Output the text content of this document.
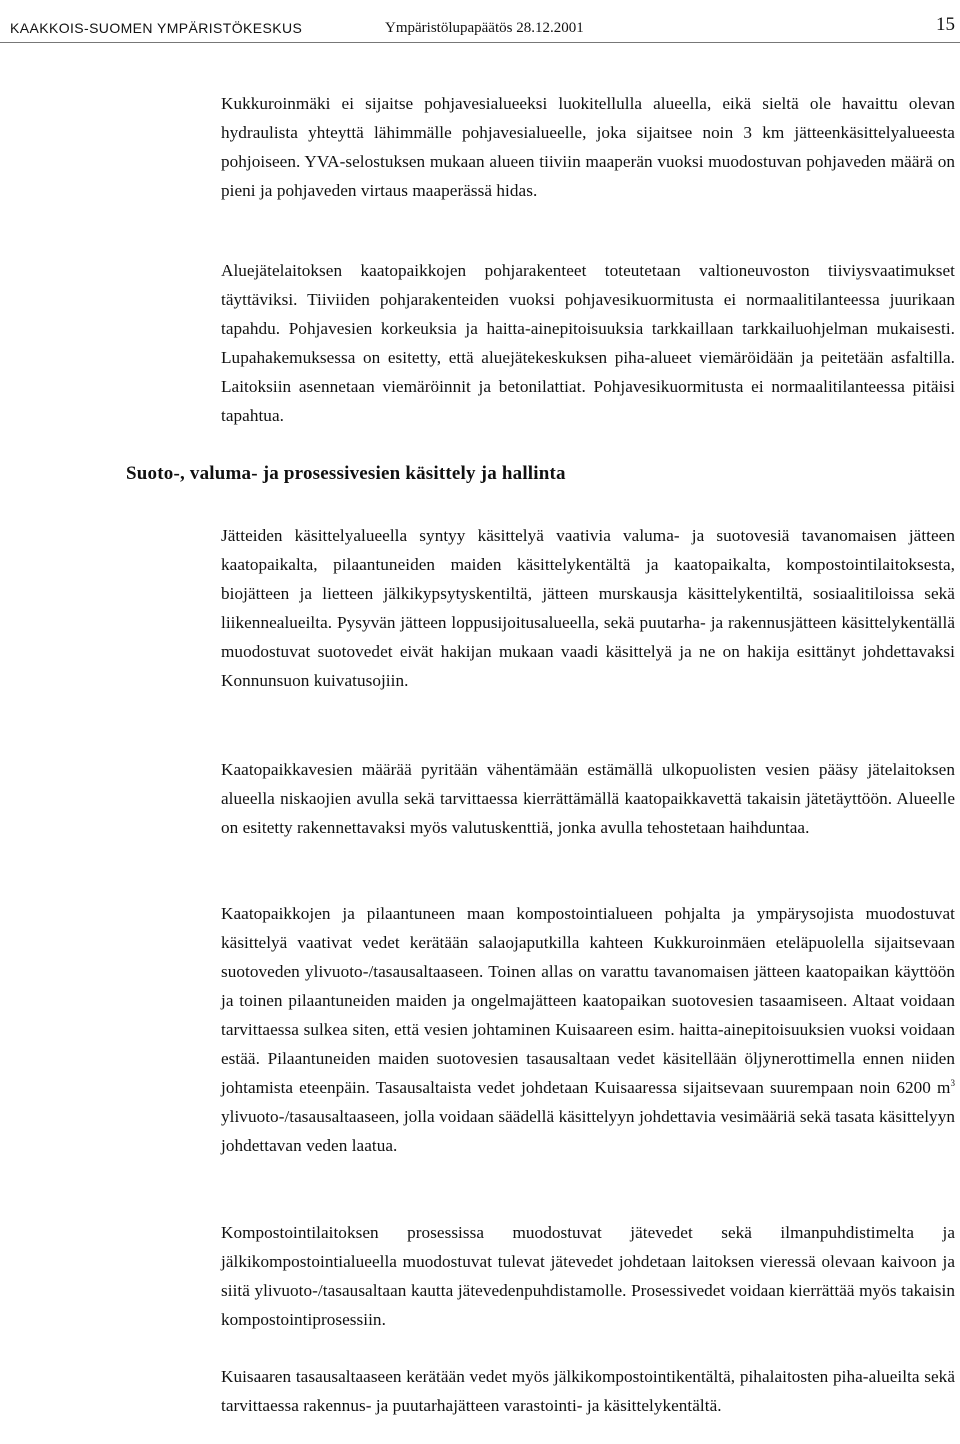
KAAKKOIS-SUOMEN YMPÄRISTÖKESKUS	Ympäristölupapäätös 28.12.2001	15

Kukkuroinmäki ei sijaitse pohjavesialueeksi luokitellulla alueella, eikä sieltä ole havaittu olevan hydraulista yhteyttä lähimmälle pohjavesialueelle, joka sijaitsee noin 3 km jätteenkäsittelyalueesta pohjoiseen. YVA-selostuksen mukaan alueen tiiviin maaperän vuoksi muodostuvan pohjaveden määrä on pieni ja pohjaveden virtaus maaperässä hidas.

Aluejätelaitoksen kaatopaikkojen pohjarakenteet toteutetaan valtioneuvoston tiiviysvaatimukset täyttäviksi. Tiiviiden pohjarakenteiden vuoksi pohjavesikuormitusta ei normaalitilanteessa juurikaan tapahdu. Pohjavesien korkeuksia ja haitta-ainepitoisuuksia tarkkaillaan tarkkailuohjelman mukaisesti. Lupahakemuksessa on esitetty, että aluejätekeskuksen piha-alueet viemäröidään ja peitetään asfaltilla. Laitoksiin asennetaan viemäröinnit ja betonilattiat. Pohjavesikuormitusta ei normaalitilanteessa pitäisi tapahtua.

Suoto-, valuma- ja prosessivesien käsittely ja hallinta

Jätteiden käsittelyalueella syntyy käsittelyä vaativia valuma- ja suotovesiä tavanomaisen jätteen kaatopaikalta, pilaantuneiden maiden käsittelykentältä ja kaatopaikalta, kompostointilaitoksesta, biojätteen ja lietteen jälkikypsytyskentiltä, jätteen murskausja käsittelykentiltä, sosiaalitiloissa sekä liikennealueilta. Pysyvän jätteen loppusijoitusalueella, sekä puutarha- ja rakennusjätteen käsittelykentällä muodostuvat suotovedet eivät hakijan mukaan vaadi käsittelyä ja ne on hakija esittänyt johdettavaksi Konnunsuon kuivatusojiin.

Kaatopaikkavesien määrää pyritään vähentämään estämällä ulkopuolisten vesien pääsy jätelaitoksen alueella niskaojien avulla sekä tarvittaessa kierrättämällä kaatopaikkavettä takaisin jätetäyttöön. Alueelle on esitetty rakennettavaksi myös valutuskenttiä, jonka avulla tehostetaan haihduntaa.

Kaatopaikkojen ja pilaantuneen maan kompostointialueen pohjalta ja ympärysojista muodostuvat käsittelyä vaativat vedet kerätään salaojaputkilla kahteen Kukkuroinmäen eteläpuolella sijaitsevaan suotoveden ylivuoto-/tasausaltaaseen. Toinen allas on varattu tavanomaisen jätteen kaatopaikan käyttöön ja toinen pilaantuneiden maiden ja ongelmajätteen kaatopaikan suotovesien tasaamiseen. Altaat voidaan tarvittaessa sulkea siten, että vesien johtaminen Kuisaareen esim. haitta-ainepitoisuuksien vuoksi voidaan estää. Pilaantuneiden maiden suotovesien tasausaltaan vedet käsitellään öljynerottimella ennen niiden johtamista eteenpäin. Tasausaltaista vedet johdetaan Kuisaaressa sijaitsevaan suurempaan noin 6200 $m^3$ ylivuoto-/tasausaltaaseen, jolla voidaan säädellä käsittelyyn johdettavia vesimääriä sekä tasata käsittelyyn johdettavan veden laatua.

Kompostointilaitoksen prosessissa muodostuvat jätevedet sekä ilmanpuhdistimelta ja jälkikompostointialueella muodostuvat tulevat jätevedet johdetaan laitoksen vieressä olevaan kaivoon ja siitä ylivuoto-/tasausaltaan kautta jätevedenpuhdistamolle. Prosessivedet voidaan kierrättää myös takaisin kompostointiprosessiin.

Kuisaaren tasausaltaaseen kerätään vedet myös jälkikompostointikentältä, pihalaitosten piha-alueilta sekä tarvittaessa rakennus- ja puutarhajätteen varastointi- ja käsittelykentältä.
